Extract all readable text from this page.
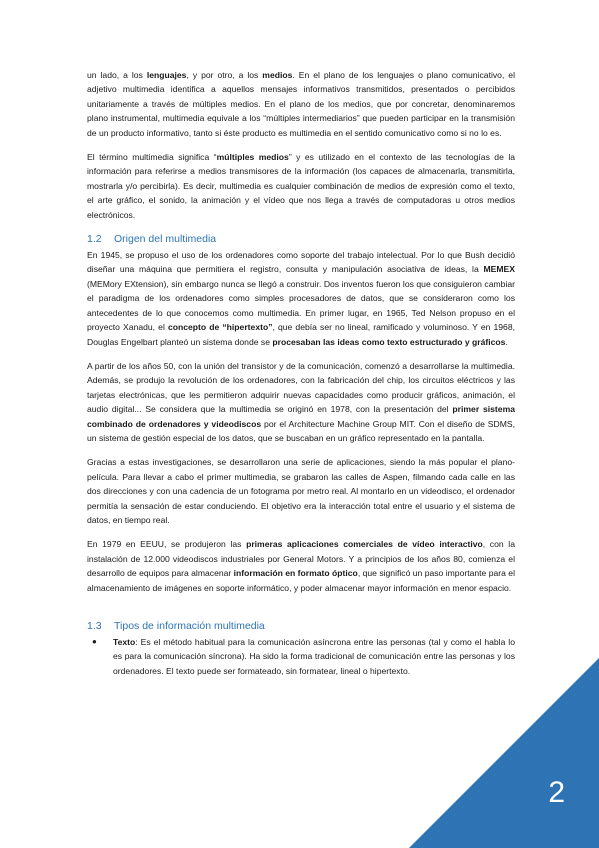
un lado, a los lenguajes, y por otro, a los medios. En el plano de los lenguajes o plano comunicativo, el adjetivo multimedia identifica a aquellos mensajes informativos transmitidos, presentados o percibidos unitariamente a través de múltiples medios. En el plano de los medios, que por concretar, denominaremos plano instrumental, multimedia equivale a los “múltiples intermediarios” que pueden participar en la transmisión de un producto informativo, tanto si éste producto es multimedia en el sentido comunicativo como si no lo es.

El término multimedia significa “múltiples medios” y es utilizado en el contexto de las tecnologías de la información para referirse a medios transmisores de la información (los capaces de almacenarla, transmitirla, mostrarla y/o percibirla). Es decir, multimedia es cualquier combinación de medios de expresión como el texto, el arte gráfico, el sonido, la animación y el vídeo que nos llega a través de computadoras u otros medios electrónicos.

1.2 Origen del multimedia

En 1945, se propuso el uso de los ordenadores como soporte del trabajo intelectual. Por lo que Bush decidió diseñar una máquina que permitiera el registro, consulta y manipulación asociativa de ideas, la MEMEX (MEMory EXtension), sin embargo nunca se llegó a construir. Dos inventos fueron los que consiguieron cambiar el paradigma de los ordenadores como simples procesadores de datos, que se consideraron como los antecedentes de lo que conocemos como multimedia. En primer lugar, en 1965, Ted Nelson propuso en el proyecto Xanadu, el concepto de “hipertexto”, que debía ser no lineal, ramificado y voluminoso. Y en 1968, Douglas Engelbart planteó un sistema donde se procesaban las ideas como texto estructurado y gráficos.

A partir de los años 50, con la unión del transistor y de la comunicación, comenzó a desarrollarse la multimedia. Además, se produjo la revolución de los ordenadores, con la fabricación del chip, los circuitos eléctricos y las tarjetas electrónicas, que les permitieron adquirir nuevas capacidades como producir gráficos, animación, el audio digital... Se considera que la multimedia se originó en 1978, con la presentación del primer sistema combinado de ordenadores y videodiscos por el Architecture Machine Group MIT. Con el diseño de SDMS, un sistema de gestión especial de los datos, que se buscaban en un gráfico representado en la pantalla.

Gracias a estas investigaciones, se desarrollaron una serie de aplicaciones, siendo la más popular el plano-película. Para llevar a cabo el primer multimedia, se grabaron las calles de Aspen, filmando cada calle en las dos direcciones y con una cadencia de un fotograma por metro real. Al montarlo en un videodisco, el ordenador permitía la sensación de estar conduciendo. El objetivo era la interacción total entre el usuario y el sistema de datos, en tiempo real.

En 1979 en EEUU, se produjeron las primeras aplicaciones comerciales de vídeo interactivo, con la instalación de 12.000 videodiscos industriales por General Motors. Y a principios de los años 80, comienza el desarrollo de equipos para almacenar información en formato óptico, que significó un paso importante para el almacenamiento de imágenes en soporte informático, y poder almacenar mayor información en menor espacio.

1.3 Tipos de información multimedia
● Texto: Es el método habitual para la comunicación asíncrona entre las personas (tal y como el habla lo es para la comunicación síncrona). Ha sido la forma tradicional de comunicación entre las personas y los ordenadores. El texto puede ser formateado, sin formatear, lineal o hipertexto.
2
